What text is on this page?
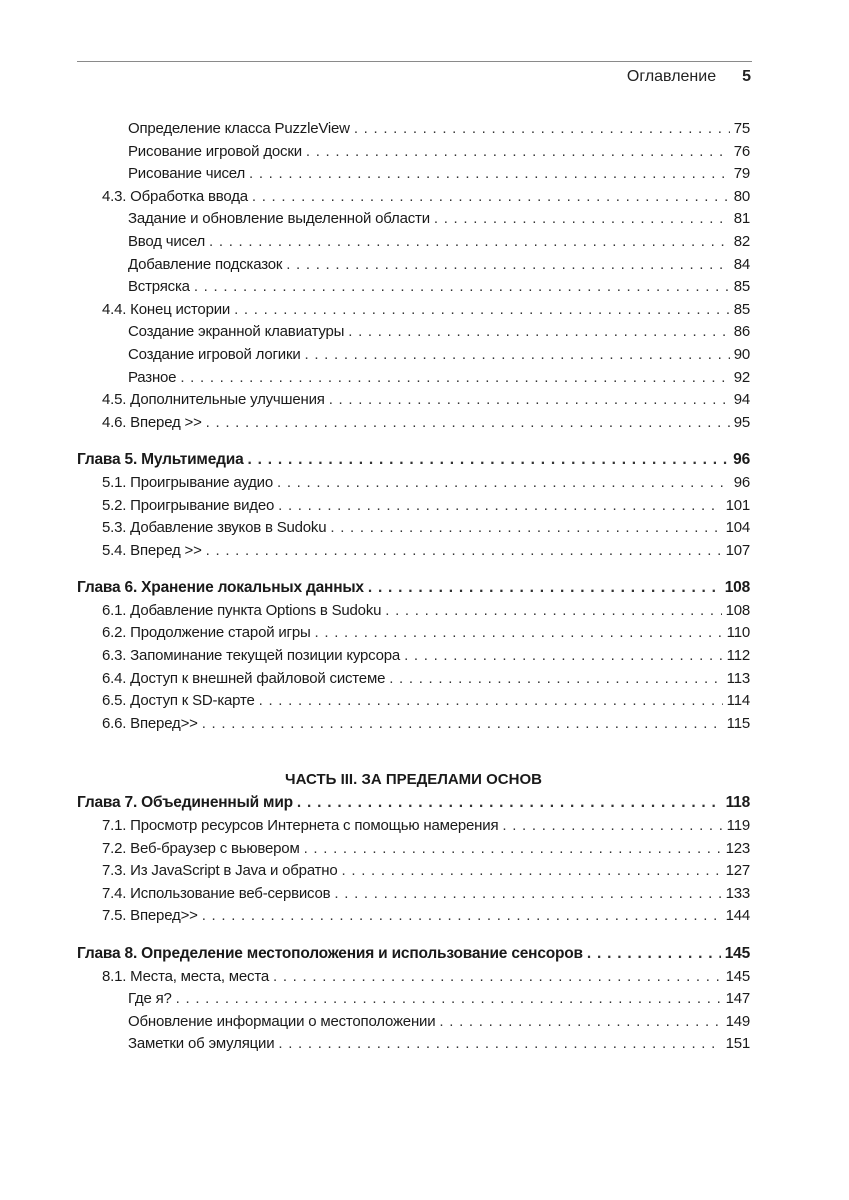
Оглавление 5
Определение класса PuzzleView . . .	75
Рисование игровой доски . . .	76
Рисование чисел . . .	79
4.3. Обработка ввода . . .	80
Задание и обновление выделенной области . . .	81
Ввод чисел . . .	82
Добавление подсказок . . .	84
Встряска . . .	85
4.4. Конец истории . . .	85
Создание экранной клавиатуры . . .	86
Создание игровой логики . . .	90
Разное . . .	92
4.5. Дополнительные улучшения . . .	94
4.6. Вперед >> . . .	95
Глава 5. Мультимедиа . . .	96
5.1. Проигрывание аудио . . .	96
5.2. Проигрывание видео . . .	101
5.3. Добавление звуков в Sudoku . . .	104
5.4. Вперед >> . . .	107
Глава 6. Хранение локальных данных . . .	108
6.1. Добавление пункта Options в Sudoku . . .	108
6.2. Продолжение старой игры . . .	110
6.3. Запоминание текущей позиции курсора . . .	112
6.4. Доступ к внешней файловой системе . . .	113
6.5. Доступ к SD-карте . . .	114
6.6. Вперед>> . . .	115
ЧАСТЬ III. ЗА ПРЕДЕЛАМИ ОСНОВ
Глава 7. Объединенный мир . . .	118
7.1. Просмотр ресурсов Интернета с помощью намерения . . .	119
7.2. Веб-браузер с вьювером . . .	123
7.3. Из JavaScript в Java и обратно . . .	127
7.4. Использование веб-сервисов . . .	133
7.5. Вперед>> . . .	144
Глава 8. Определение местоположения и использование сенсоров . . .	145
8.1. Места, места, места . . .	145
Где я? . . .	147
Обновление информации о местоположении . . .	149
Заметки об эмуляции . . .	151
